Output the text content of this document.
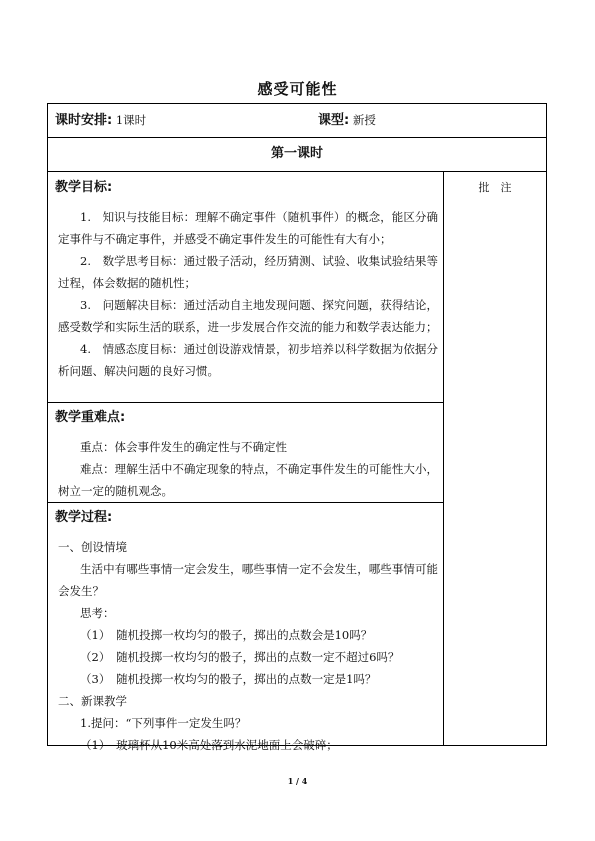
感受可能性
课时安排: 1课时	课型: 新授
第一课时
批　注
教学目标:
1.　知识与技能目标：理解不确定事件（随机事件）的概念，能区分确定事件与不确定事件，并感受不确定事件发生的可能性有大有小；
2.　数学思考目标：通过骰子活动，经历猜测、试验、收集试验结果等过程，体会数据的随机性；
3.　问题解决目标：通过活动自主地发现问题、探究问题，获得结论，感受数学和实际生活的联系，进一步发展合作交流的能力和数学表达能力；
4.　情感态度目标：通过创设游戏情景，初步培养以科学数据为依据分析问题、解决问题的良好习惯。
教学重难点:
重点：体会事件发生的确定性与不确定性
难点：理解生活中不确定现象的特点，不确定事件发生的可能性大小，树立一定的随机观念。
教学过程:
一、创设情境
生活中有哪些事情一定会发生，哪些事情一定不会发生，哪些事情可能会发生？
思考：
（1）　随机投掷一枚均匀的骰子，掷出的点数会是10吗？
（2）　随机投掷一枚均匀的骰子，掷出的点数一定不超过6吗？
（3）　随机投掷一枚均匀的骰子，掷出的点数一定是1吗？
二、新课教学
1.提问：“下列事件一定发生吗？
（1）　玻璃杯从10米高处落到水泥地面上会破碎；
1 / 4
